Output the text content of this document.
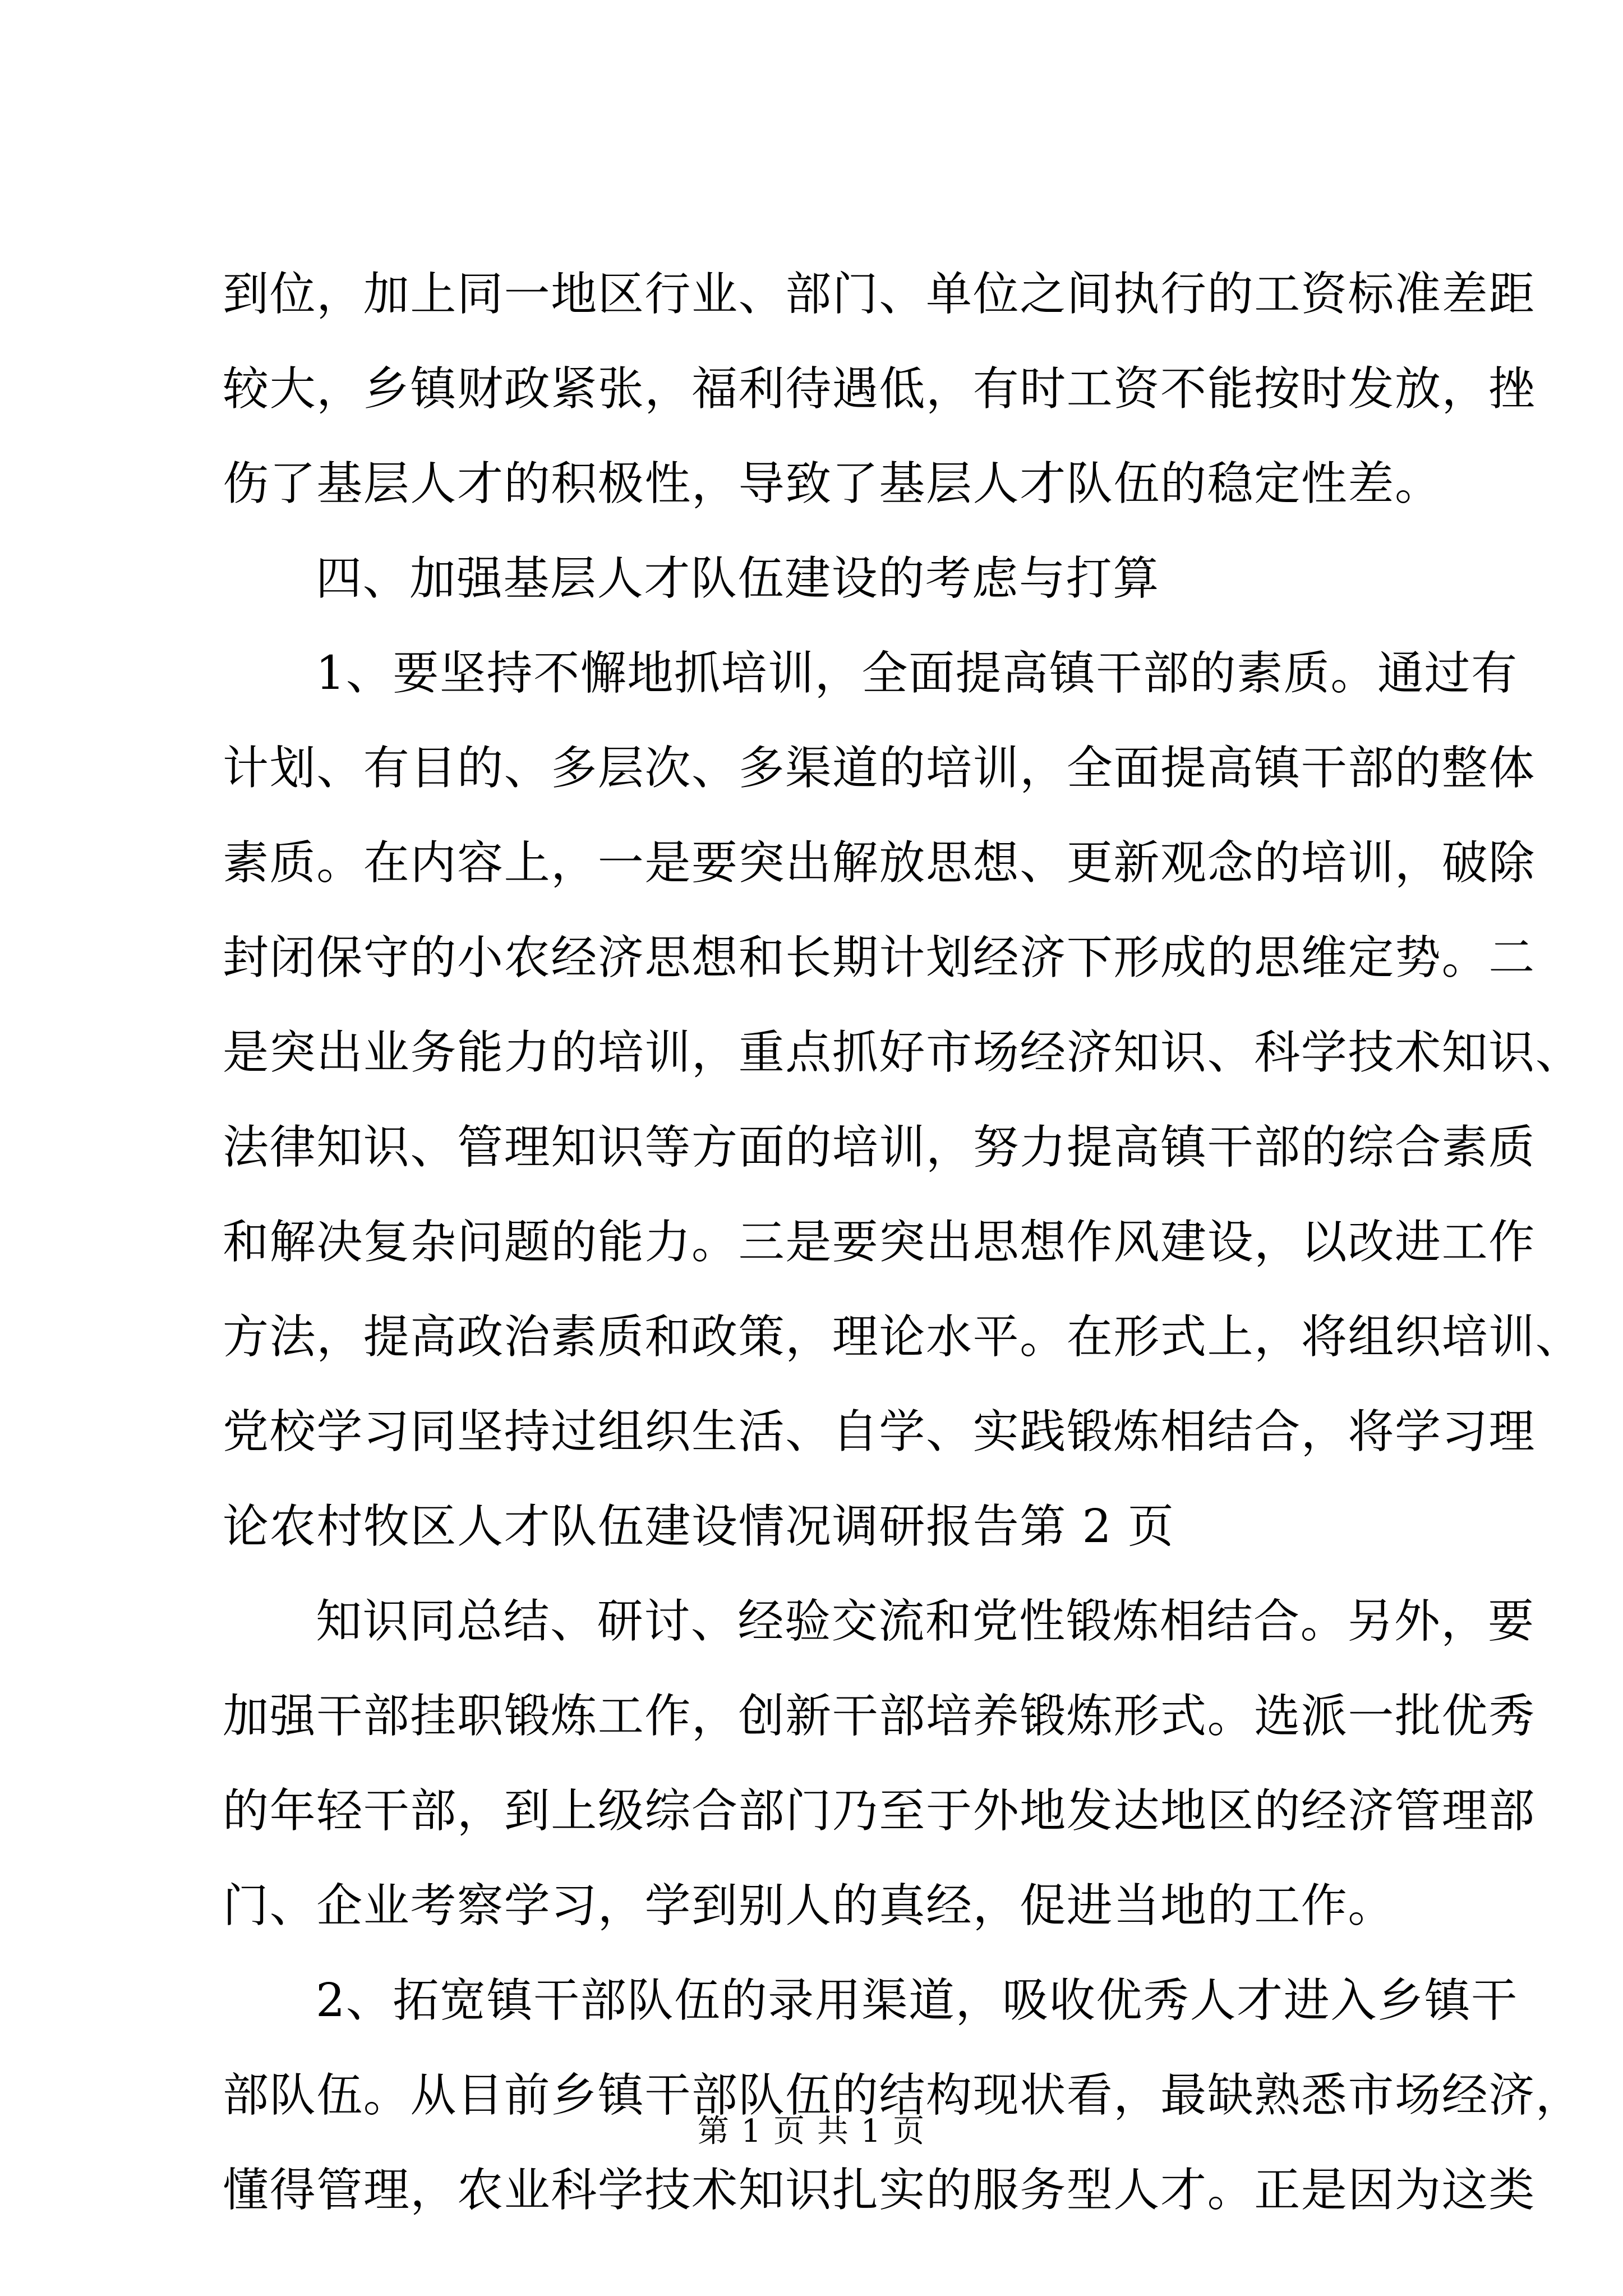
到位，加上同一地区行业、部门、单位之间执行的工资标准差距
较大，乡镇财政紧张，福利待遇低，有时工资不能按时发放，挫
伤了基层人才的积极性，导致了基层人才队伍的稳定性差。
四、加强基层人才队伍建设的考虑与打算
1、要坚持不懈地抓培训，全面提高镇干部的素质。通过有
计划、有目的、多层次、多渠道的培训，全面提高镇干部的整体
素质。在内容上，一是要突出解放思想、更新观念的培训，破除
封闭保守的小农经济思想和长期计划经济下形成的思维定势。二
是突出业务能力的培训，重点抓好市场经济知识、科学技术知识、
法律知识、管理知识等方面的培训，努力提高镇干部的综合素质
和解决复杂问题的能力。三是要突出思想作风建设，以改进工作
方法，提高政治素质和政策，理论水平。在形式上，将组织培训、
党校学习同坚持过组织生活、自学、实践锻炼相结合，将学习理
论农村牧区人才队伍建设情况调研报告第 2 页
知识同总结、研讨、经验交流和党性锻炼相结合。另外，要
加强干部挂职锻炼工作，创新干部培养锻炼形式。选派一批优秀
的年轻干部，到上级综合部门乃至于外地发达地区的经济管理部
门、企业考察学习，学到别人的真经，促进当地的工作。
2、拓宽镇干部队伍的录用渠道，吸收优秀人才进入乡镇干
部队伍。从目前乡镇干部队伍的结构现状看，最缺熟悉市场经济，
懂得管理，农业科学技术知识扎实的服务型人才。正是因为这类
第 1 页 共 1 页
